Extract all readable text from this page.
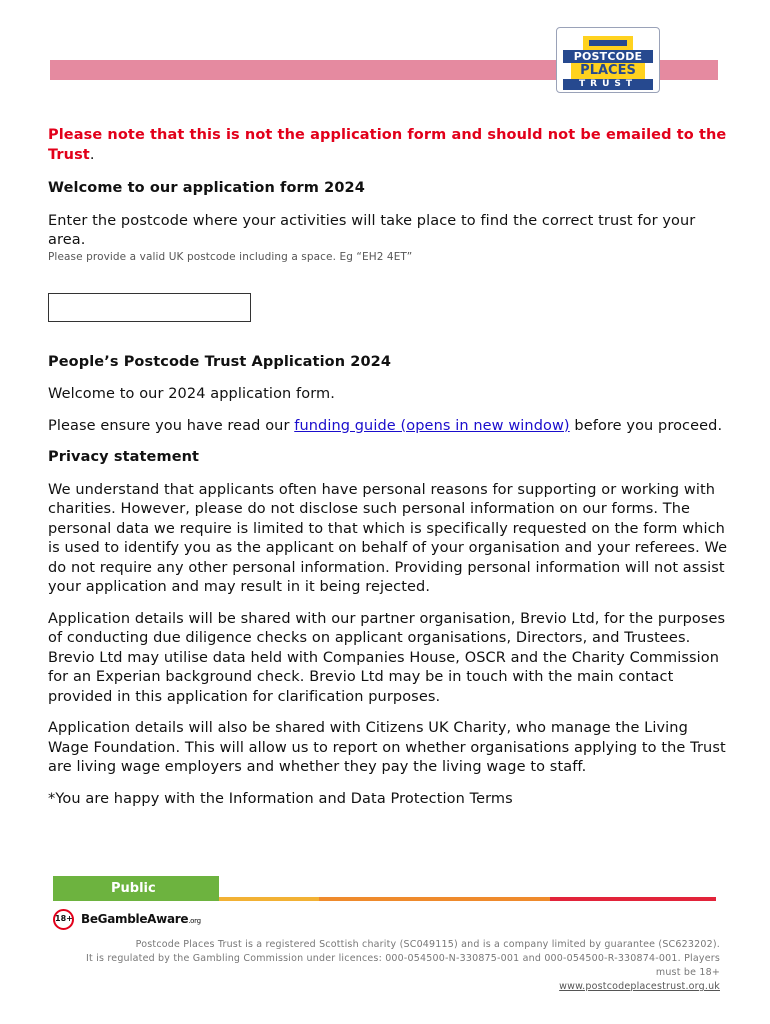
POSTCODE
PLACES
TRUST

Please note that this is not the application form and should not be emailed to the Trust.

Welcome to our application form 2024

Enter the postcode where your activities will take place to find the correct trust for your area.

Please provide a valid UK postcode including a space. Eg “EH2 4ET”

People’s Postcode Trust Application 2024

Welcome to our 2024 application form.

Please ensure you have read our funding guide (opens in new window) before you proceed.

Privacy statement

We understand that applicants often have personal reasons for supporting or working with charities. However, please do not disclose such personal information on our forms. The personal data we require is limited to that which is specifically requested on the form which is used to identify you as the applicant on behalf of your organisation and your referees. We do not require any other personal information. Providing personal information will not assist your application and may result in it being rejected.

Application details will be shared with our partner organisation, Brevio Ltd, for the purposes of conducting due diligence checks on applicant organisations, Directors, and Trustees. Brevio Ltd may utilise data held with Companies House, OSCR and the Charity Commission for an Experian background check. Brevio Ltd may be in touch with the main contact provided in this application for clarification purposes.

Application details will also be shared with Citizens UK Charity, who manage the Living Wage Foundation. This will allow us to report on whether organisations applying to the Trust are living wage employers and whether they pay the living wage to staff.

*You are happy with the Information and Data Protection Terms

Public
18+ BeGambleAware.org
Postcode Places Trust is a registered Scottish charity (SC049115) and is a company limited by guarantee (SC623202).
It is regulated by the Gambling Commission under licences: 000-054500-N-330875-001 and 000-054500-R-330874-001. Players
must be 18+
www.postcodeplacestrust.org.uk
